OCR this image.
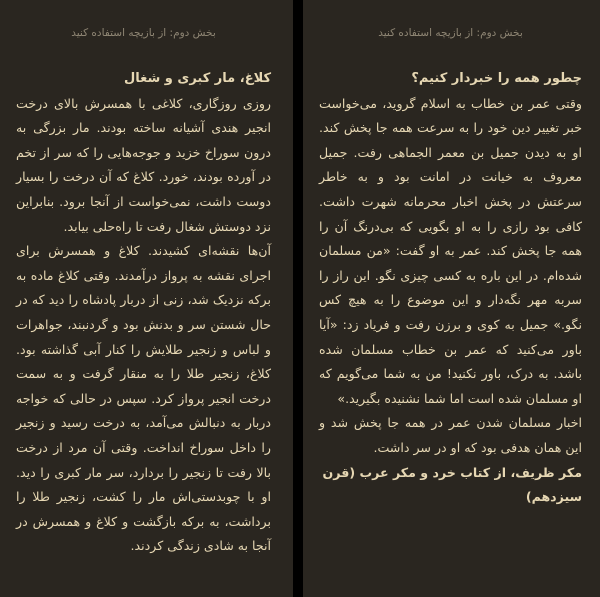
بخش دوم: از بازیچه استفاده کنید

کلاغ، مار کبری و شغال

روزی روزگاری، کلاغی با همسرش بالای درخت انجیر هندی آشیانه ساخته بودند. مار بزرگی به درون سوراخ خزید و جوجه‌هایی را که سر از تخم در آورده بودند، خورد. کلاغ که آن درخت را بسیار دوست داشت، نمی‌خواست از آنجا برود. بنابراین نزد دوستش شغال رفت تا راه‌حلی بیابد.

آن‌ها نقشه‌ای کشیدند. کلاغ و همسرش برای اجرای نقشه به پرواز درآمدند. وقتی کلاغ ماده به برکه نزدیک شد، زنی از دربار پادشاه را دید که در حال شستن سر و بدنش بود و گردنبند، جواهرات و لباس و زنجیر طلایش را کنار آبی گذاشته بود. کلاغ، زنجیر طلا را به منقار گرفت و به سمت درخت انجیر پرواز کرد. سپس در حالی که خواجه دربار به دنبالش می‌آمد، به درخت رسید و زنجیر را داخل سوراخ انداخت. وقتی آن مرد از درخت بالا رفت تا زنجیر را بردارد، سر مار کبری را دید. او با چوبدستی‌اش مار را کشت، زنجیر طلا را برداشت، به برکه بازگشت و کلاغ و همسرش در آنجا به شادی زندگی کردند.

بخش دوم: از بازیچه استفاده کنید

چطور همه را خبردار کنیم؟

وقتی عمر بن خطاب به اسلام گروید، می‌خواست خبر تغییر دین خود را به سرعت همه جا پخش کند. او به دیدن جمیل بن معمر الجماهی رفت. جمیل معروف به خیانت در امانت بود و به خاطر سرعتش در پخش اخبار محرمانه شهرت داشت. کافی بود رازی را به او بگویی که بی‌درنگ آن را همه جا پخش کند. عمر به او گفت: «من مسلمان شده‌ام. در این باره به کسی چیزی نگو. این راز را سربه مهر نگه‌دار و این موضوع را به هیچ کس نگو.» جمیل به کوی و برزن رفت و فریاد زد: «آیا باور می‌کنید که عمر بن خطاب مسلمان شده باشد. به درک، باور نکنید! من به شما می‌گویم که او مسلمان شده است اما شما نشنیده بگیرید.»

اخبار مسلمان شدن عمر در همه جا پخش شد و این همان هدفی بود که او در سر داشت.

مکر ظریف، از کتاب خرد و مکر عرب (قرن سیزدهم)
